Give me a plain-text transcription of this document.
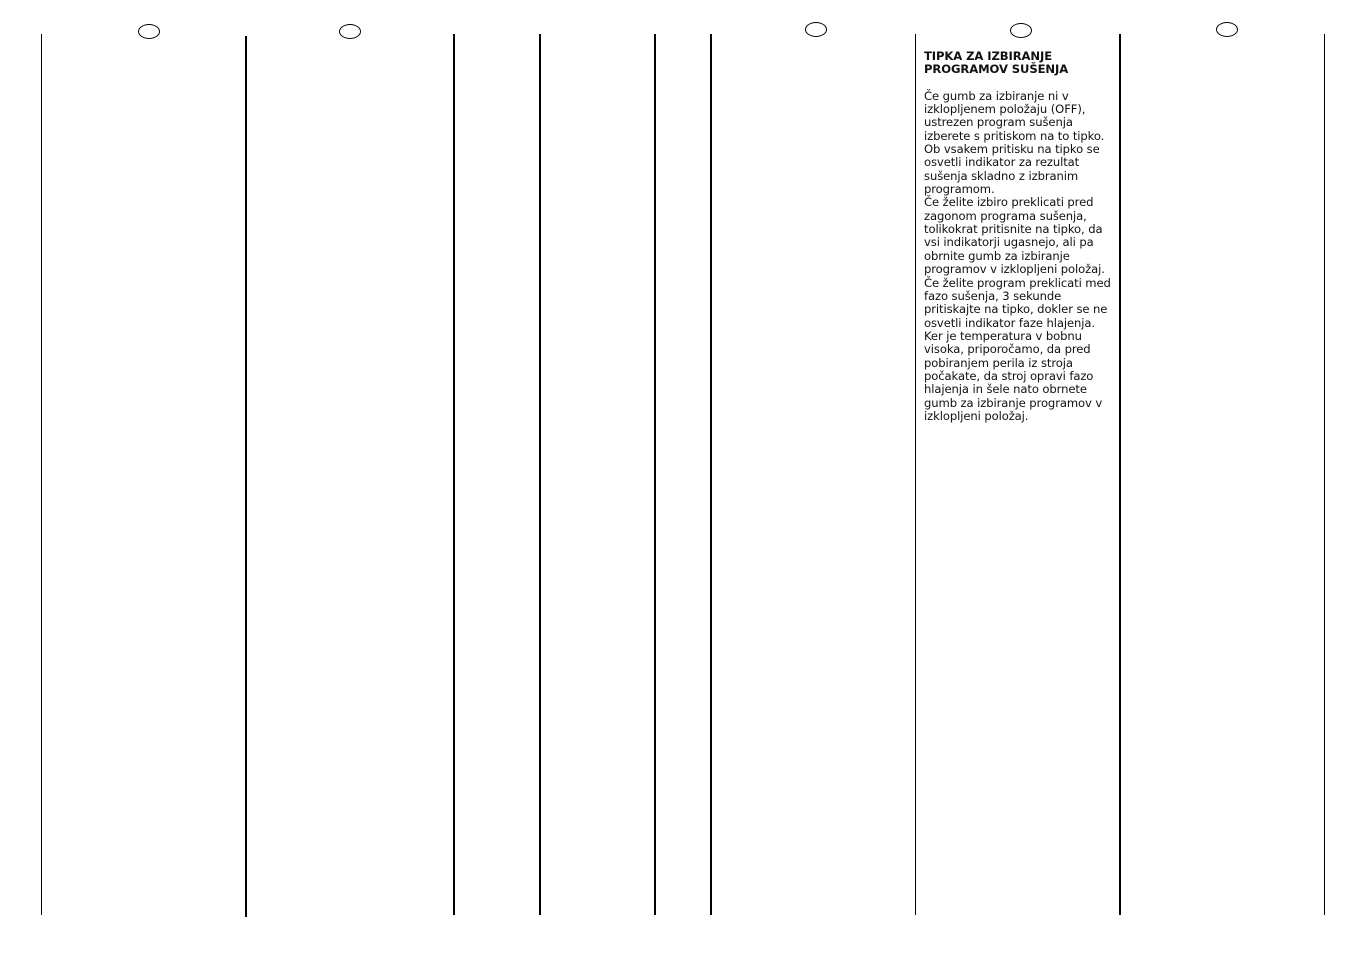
TIPKA ZA IZBIRANJE
PROGRAMOV SUŠENJA

Če gumb za izbiranje ni v izklopljenem položaju (OFF), ustrezen program sušenja izberete s pritiskom na to tipko. Ob vsakem pritisku na tipko se osvetli indikator za rezultat sušenja skladno z izbranim programom.

Če želite izbiro preklicati pred zagonom programa sušenja, tolikokrat pritisnite na tipko, da vsi indikatorji ugasnejo, ali pa obrnite gumb za izbiranje programov v izklopljeni položaj.

Če želite program preklicati med fazo sušenja, 3 sekunde pritiskajte na tipko, dokler se ne osvetli indikator faze hlajenja. Ker je temperatura v bobnu visoka, priporočamo, da pred pobiranjem perila iz stroja počakate, da stroj opravi fazo hlajenja in šele nato obrnete gumb za izbiranje programov v izklopljeni položaj.
